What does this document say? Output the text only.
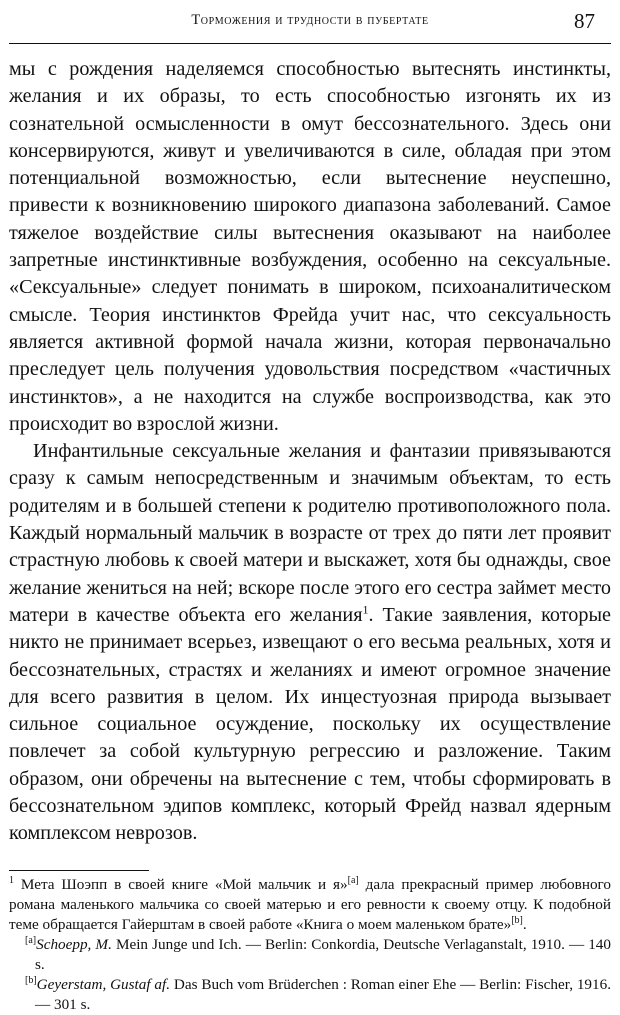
Торможения и трудности в пубертате	87

мы с рождения наделяемся способностью вытеснять инстинкты, желания и их образы, то есть способностью изгонять их из сознательной осмысленности в омут бессознательного. Здесь они консервируются, живут и увеличиваются в силе, обладая при этом потенциальной возможностью, если вытеснение неуспешно, привести к возникновению широкого диапазона заболеваний. Самое тяжелое воздействие силы вытеснения оказывают на наиболее запретные инстинктивные возбуждения, особенно на сексуальные. «Сексуальные» следует понимать в широком, психоаналитическом смысле. Теория инстинктов Фрейда учит нас, что сексуальность является активной формой начала жизни, которая первоначально преследует цель получения удовольствия посредством «частичных инстинктов», а не находится на службе воспроизводства, как это происходит во взрослой жизни.

Инфантильные сексуальные желания и фантазии привязываются сразу к самым непосредственным и значимым объектам, то есть родителям и в большей степени к родителю противоположного пола. Каждый нормальный мальчик в возрасте от трех до пяти лет проявит страстную любовь к своей матери и выскажет, хотя бы однажды, свое желание жениться на ней; вскоре после этого его сестра займет место матери в качестве объекта его желания$^1$. Такие заявления, которые никто не принимает всерьез, извещают о его весьма реальных, хотя и бессознательных, страстях и желаниях и имеют огромное значение для всего развития в целом. Их инцестуозная природа вызывает сильное социальное осуждение, поскольку их осуществление повлечет за собой культурную регрессию и разложение. Таким образом, они обречены на вытеснение с тем, чтобы сформировать в бессознательном эдипов комплекс, который Фрейд назвал ядерным комплексом неврозов.

$^1$ Мета Шоэпп в своей книге «Мой мальчик и я»[a] дала прекрасный пример любовного романа маленького мальчика со своей матерью и его ревности к своему отцу. К подобной теме обращается Гайерштам в своей работе «Книга о моем маленьком брате»[b].

[a]Schoepp, M. Mein Junge und Ich. — Berlin: Conkordia, Deutsche Verlaganstalt, 1910. — 140 s.

[b]Geyerstam, Gustaf af. Das Buch vom Brüderchen : Roman einer Ehe — Berlin: Fischer, 1916. — 301 s.
